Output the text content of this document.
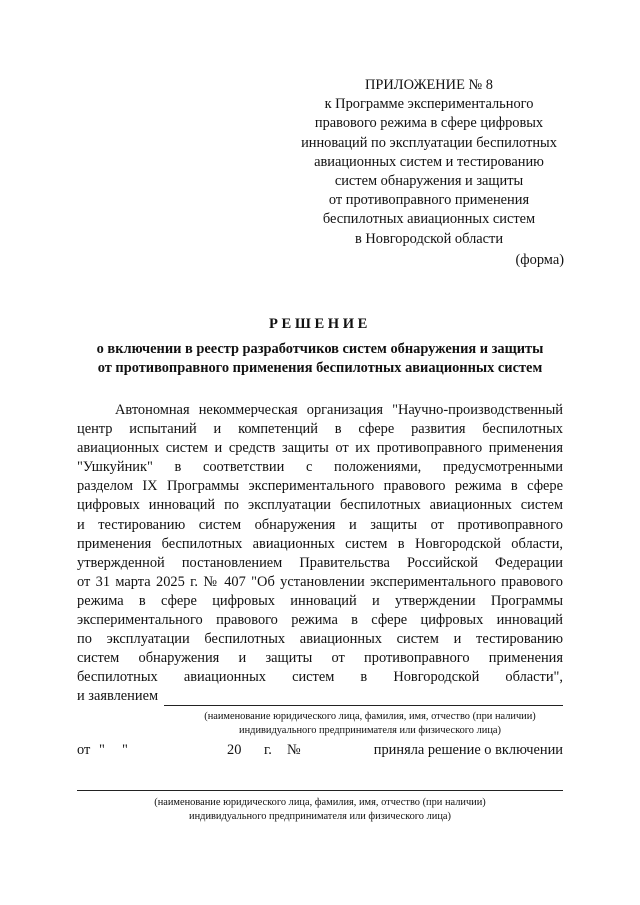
ПРИЛОЖЕНИЕ № 8
к Программе экспериментального
правового режима в сфере цифровых
инноваций по эксплуатации беспилотных
авиационных систем и тестированию
систем обнаружения и защиты
от противоправного применения
беспилотных авиационных систем
в Новгородской области
(форма)
РЕШЕНИЕ
о включении в реестр разработчиков систем обнаружения и защиты
от противоправного применения беспилотных авиационных систем
Автономная некоммерческая организация "Научно-производственный
центр испытаний и компетенций в сфере развития беспилотных
авиационных систем и средств защиты от их противоправного применения
"Ушкуйник" в соответствии с положениями, предусмотренными
разделом IX Программы экспериментального правового режима в сфере
цифровых инноваций по эксплуатации беспилотных авиационных систем
и тестированию систем обнаружения и защиты от противоправного
применения беспилотных авиационных систем в Новгородской области,
утвержденной постановлением Правительства Российской Федерации
от 31 марта 2025 г. № 407 "Об установлении экспериментального правового
режима в сфере цифровых инноваций и утверждении Программы
экспериментального правового режима в сфере цифровых инноваций
по эксплуатации беспилотных авиационных систем и тестированию
систем обнаружения и защиты от противоправного применения
беспилотных авиационных систем в Новгородской области",
и заявлением
(наименование юридического лица, фамилия, имя, отчество (при наличии)
индивидуального предпринимателя или физического лица)
от " "	20 г. №	приняла решение о включении
(наименование юридического лица, фамилия, имя, отчество (при наличии)
индивидуального предпринимателя или физического лица)
